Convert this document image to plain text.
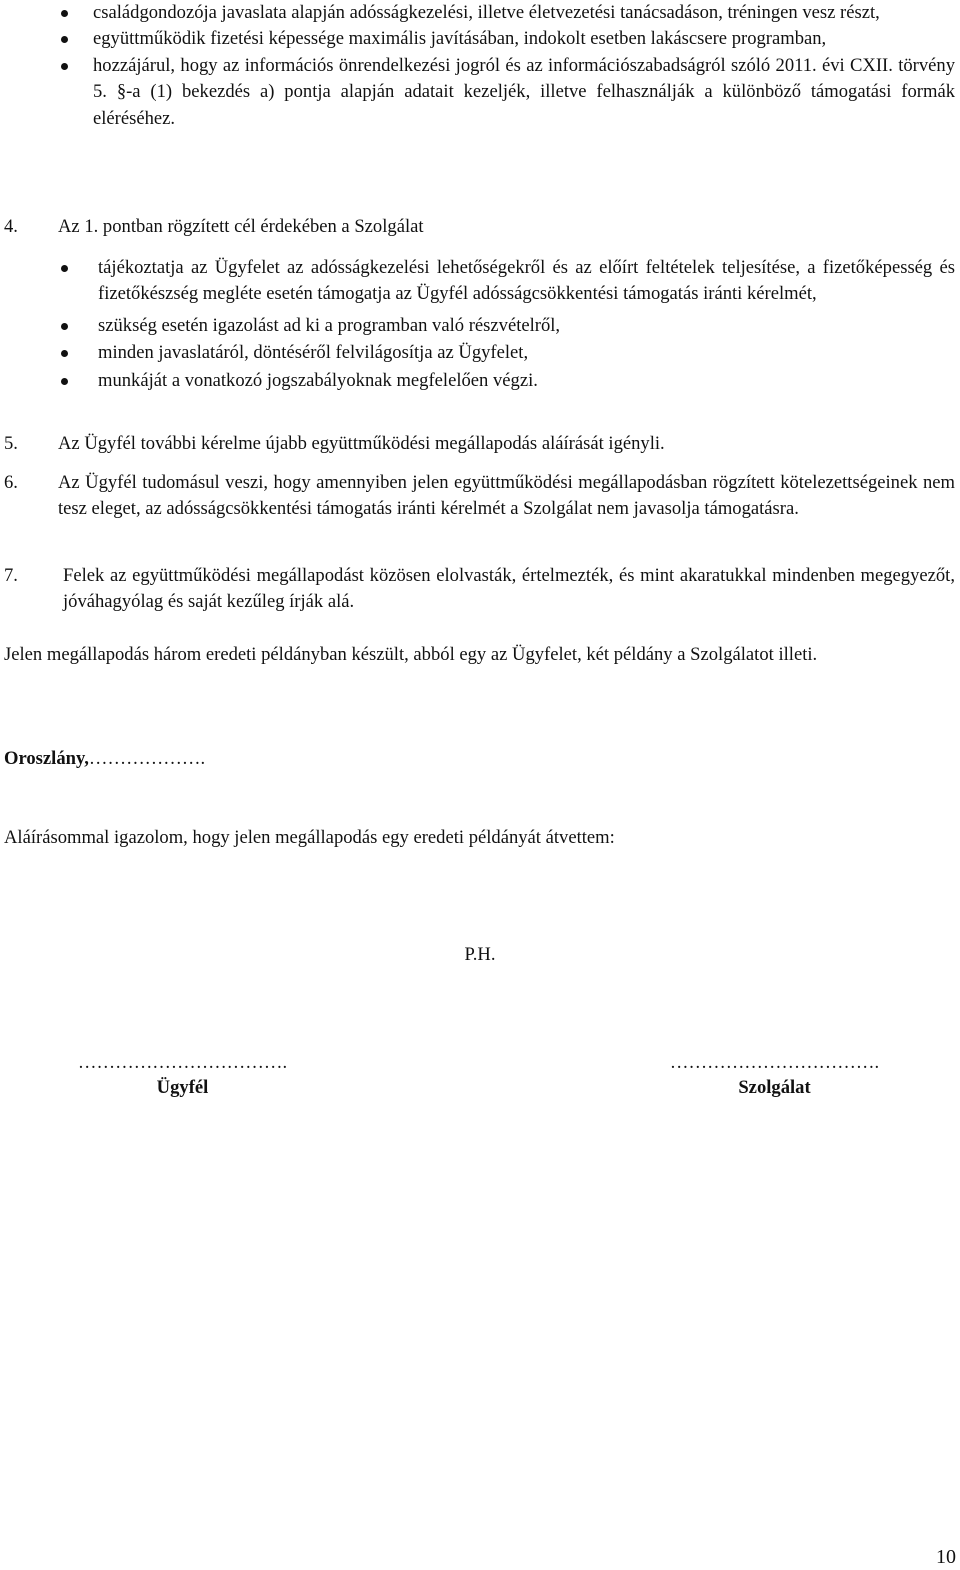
családgondozója javaslata alapján adósságkezelési, illetve életvezetési tanácsadáson, tréningen vesz részt,
együttműködik fizetési képessége maximális javításában, indokolt esetben lakáscsere programban,
hozzájárul, hogy az információs önrendelkezési jogról és az információszabadságról szóló 2011. évi CXII. törvény 5. §-a (1) bekezdés a) pontja alapján adatait kezeljék, illetve felhasználják a különböző támogatási formák eléréséhez.
4.	Az 1. pontban rögzített cél érdekében a Szolgálat
tájékoztatja az Ügyfelet az adósságkezelési lehetőségekről és az előírt feltételek teljesítése, a fizetőképesség és fizetőkészség megléte esetén támogatja az Ügyfél adósságcsökkentési támogatás iránti kérelmét,
szükség esetén igazolást ad ki a programban való részvételről,
minden javaslatáról, döntéséről felvilágosítja az Ügyfelet,
munkáját a vonatkozó jogszabályoknak megfelelően végzi.
5.	Az Ügyfél további kérelme újabb együttműködési megállapodás aláírását igényli.
6.	Az Ügyfél tudomásul veszi, hogy amennyiben jelen együttműködési megállapodásban rögzített kötelezettségeinek nem tesz eleget, az adósságcsökkentési támogatás iránti kérelmét a Szolgálat nem javasolja támogatásra.
7.	Felek az együttműködési megállapodást közösen elolvasták, értelmezték, és mint akaratukkal mindenben megegyezőt, jóváhagyólag és saját kezűleg írják alá.
Jelen megállapodás három eredeti példányban készült, abból egy az Ügyfelet, két példány a Szolgálatot illeti.
Oroszlány,……………….
Aláírásommal igazolom, hogy jelen megállapodás egy eredeti példányát átvettem:
P.H.
…………………………….
Ügyfél
…………………………….
Szolgálat
10
